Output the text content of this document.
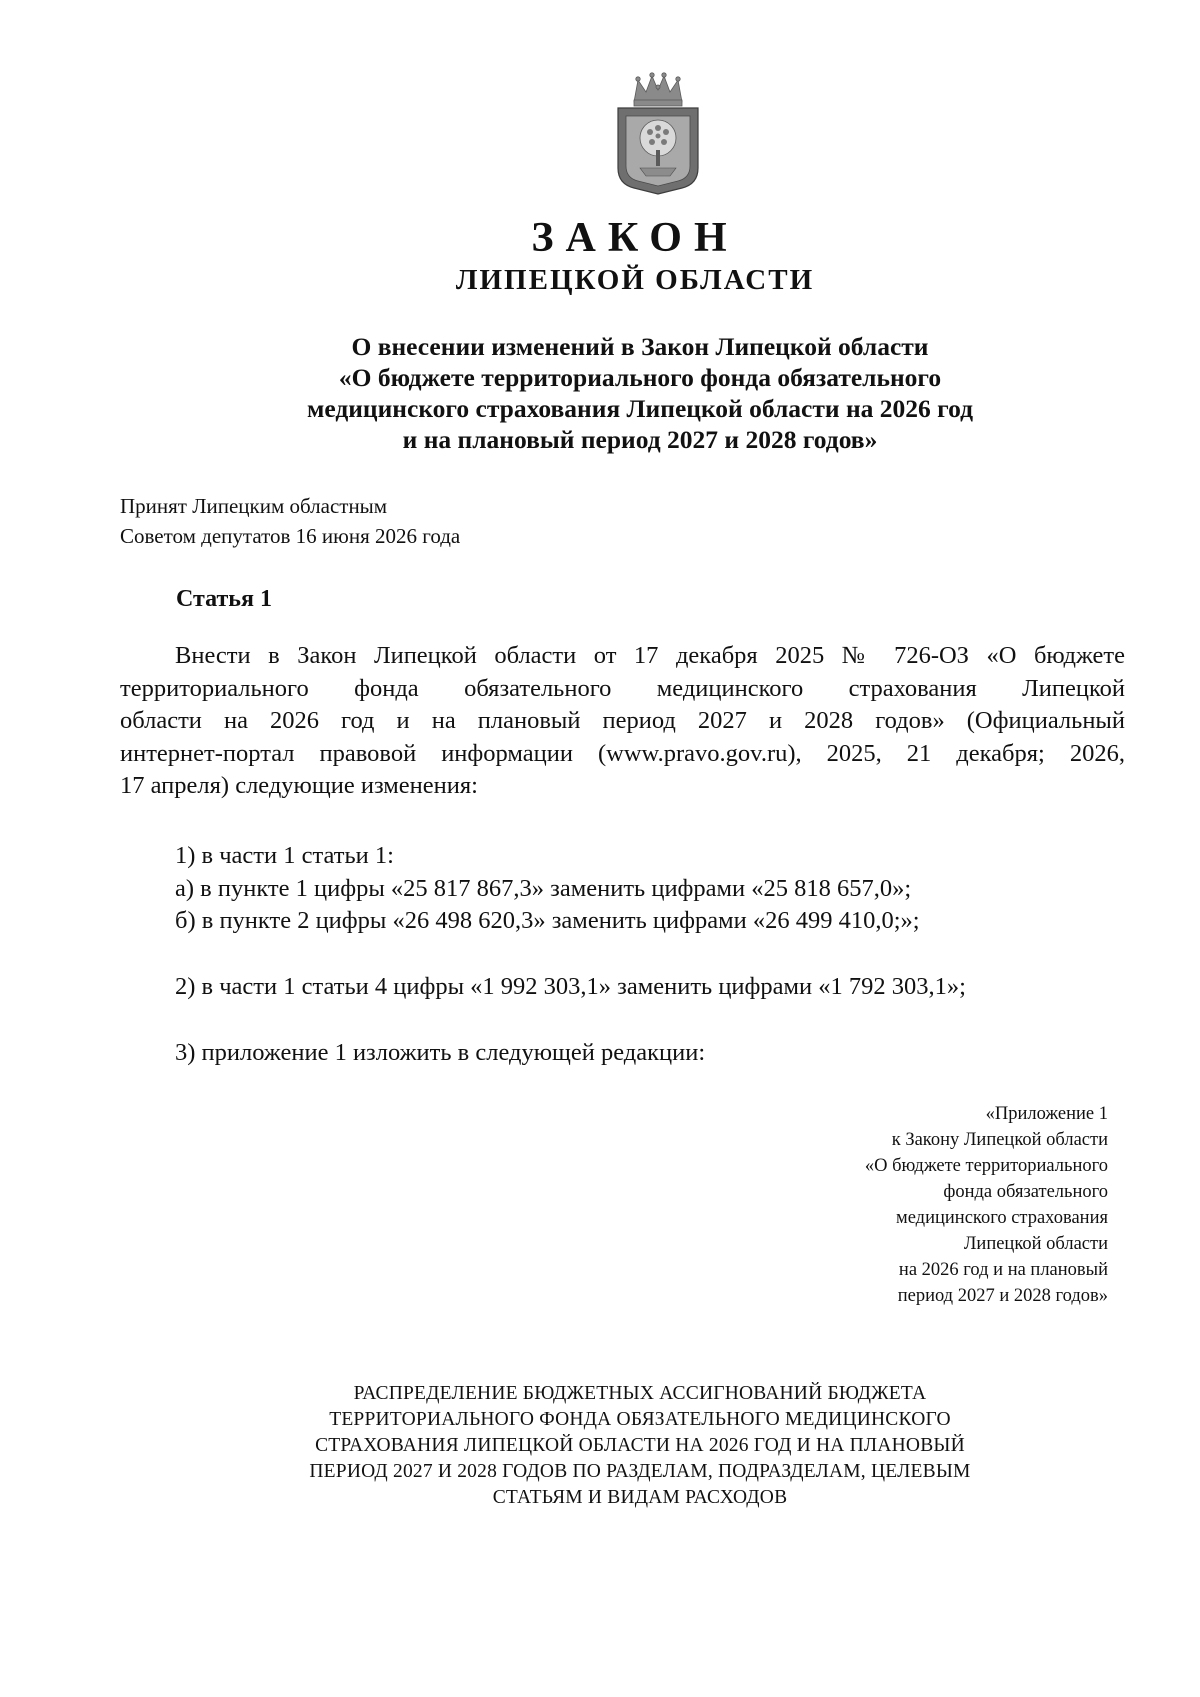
ЗАКОН
ЛИПЕЦКОЙ ОБЛАСТИ
О внесении изменений в Закон Липецкой области
«О бюджете территориального фонда обязательного
медицинского страхования Липецкой области на 2026 год
и на плановый период 2027 и 2028 годов»
Принят Липецким областным
Советом депутатов 16 июня 2026 года
Статья 1
Внести в Закон Липецкой области от 17 декабря 2025 № 726-ОЗ «О бюджете
территориального фонда обязательного медицинского страхования Липецкой
области на 2026 год и на плановый период 2027 и 2028 годов» (Официальный
интернет-портал правовой информации (www.pravo.gov.ru), 2025, 21 декабря; 2026,
17 апреля) следующие изменения:
1) в части 1 статьи 1:
а) в пункте 1 цифры «25 817 867,3» заменить цифрами «25 818 657,0»;
б) в пункте 2 цифры «26 498 620,3» заменить цифрами «26 499 410,0;»;
2) в части 1 статьи 4 цифры «1 992 303,1» заменить цифрами «1 792 303,1»;
3) приложение 1 изложить в следующей редакции:
«Приложение 1
к Закону Липецкой области
«О бюджете территориального
фонда обязательного
медицинского страхования
Липецкой области
на 2026 год и на плановый
период 2027 и 2028 годов»
РАСПРЕДЕЛЕНИЕ БЮДЖЕТНЫХ АССИГНОВАНИЙ БЮДЖЕТА
ТЕРРИТОРИАЛЬНОГО ФОНДА ОБЯЗАТЕЛЬНОГО МЕДИЦИНСКОГО
СТРАХОВАНИЯ ЛИПЕЦКОЙ ОБЛАСТИ НА 2026 ГОД И НА ПЛАНОВЫЙ
ПЕРИОД 2027 И 2028 ГОДОВ ПО РАЗДЕЛАМ, ПОДРАЗДЕЛАМ, ЦЕЛЕВЫМ
СТАТЬЯМ И ВИДАМ РАСХОДОВ
